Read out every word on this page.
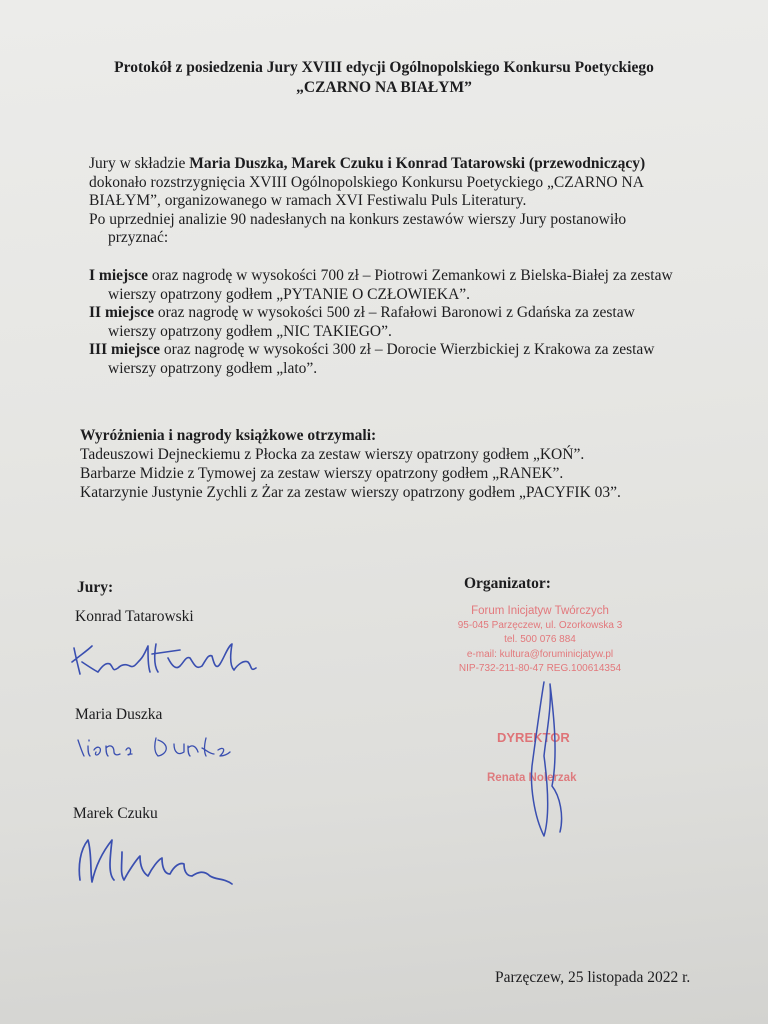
Protokół z posiedzenia Jury XVIII edycji Ogólnopolskiego Konkursu Poetyckiego
„CZARNO NA BIAŁYM”
Jury w składzie Maria Duszka, Marek Czuku i Konrad Tatarowski (przewodniczący)
dokonało rozstrzygnięcia XVIII Ogólnopolskiego Konkursu Poetyckiego „CZARNO NA
BIAŁYM”, organizowanego w ramach XVI Festiwalu Puls Literatury.
Po uprzedniej analizie 90 nadesłanych na konkurs zestawów wierszy Jury postanowiło
przyznać:
I miejsce oraz nagrodę w wysokości 700 zł – Piotrowi Zemankowi z Bielska-Białej za zestaw
wierszy opatrzony godłem „PYTANIE O CZŁOWIEKA”.
II miejsce oraz nagrodę w wysokości 500 zł – Rafałowi Baronowi z Gdańska za zestaw
wierszy opatrzony godłem „NIC TAKIEGO”.
III miejsce oraz nagrodę w wysokości 300 zł – Dorocie Wierzbickiej z Krakowa za zestaw
wierszy opatrzony godłem „lato”.
Wyróżnienia i nagrody książkowe otrzymali:
Tadeuszowi Dejneckiemu z Płocka za zestaw wierszy opatrzony godłem „KOŃ”.
Barbarze Midzie z Tymowej za zestaw wierszy opatrzony godłem „RANEK”.
Katarzynie Justynie Zychli z Żar za zestaw wierszy opatrzony godłem „PACYFIK 03”.
Jury:	Organizator:
Konrad Tatarowski
Maria Duszka
Marek Czuku
Forum Inicjatyw Twórczych
95-045 Parzęczew, ul. Ozorkowska 3
tel. 500 076 884
e-mail: kultura@foruminicjatyw.pl
NIP-732-211-80-47 REG.100614354
DYREKTOR
Renata Nolerzak
Parzęczew, 25 listopada 2022 r.
